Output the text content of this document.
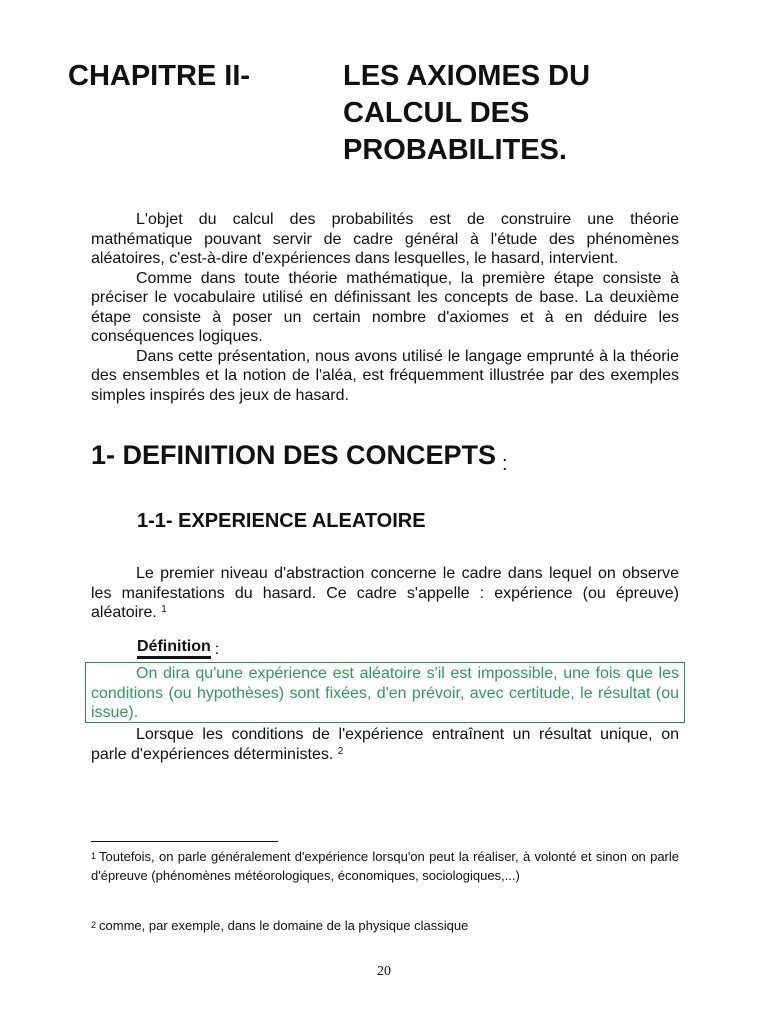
CHAPITRE II-	LES AXIOMES DU
CALCUL DES
PROBABILITES.

L'objet du calcul des probabilités est de construire une théorie mathématique pouvant servir de cadre général à l'étude des phénomènes aléatoires, c'est-à-dire d'expériences dans lesquelles, le hasard, intervient.

Comme dans toute théorie mathématique, la première étape consiste à préciser le vocabulaire utilisé en définissant les concepts de base. La deuxième étape consiste à poser un certain nombre d'axiomes et à en déduire les conséquences logiques.

Dans cette présentation, nous avons utilisé le langage emprunté à la théorie des ensembles et la notion de l'aléa, est fréquemment illustrée par des exemples simples inspirés des jeux de hasard.

1- DEFINITION DES CONCEPTS $_:$
1-1- EXPERIENCE ALEATOIRE

Le premier niveau d'abstraction concerne le cadre dans lequel on observe les manifestations du hasard. Ce cadre s'appelle : expérience (ou épreuve) aléatoire. $^1$

Définition :

On dira qu'une expérience est aléatoire s'il est impossible, une fois que les conditions (ou hypothèses) sont fixées, d'en prévoir, avec certitude, le résultat (ou issue).

Lorsque les conditions de l'expérience entraînent un résultat unique, on parle d'expériences déterministes. $^2$

$^1$ Toutefois, on parle généralement d'expérience lorsqu'on peut la réaliser, à volonté et sinon on parle d'épreuve (phénomènes météorologiques, économiques, sociologiques,...)

$^2$ comme, par exemple, dans le domaine de la physique classique

20
